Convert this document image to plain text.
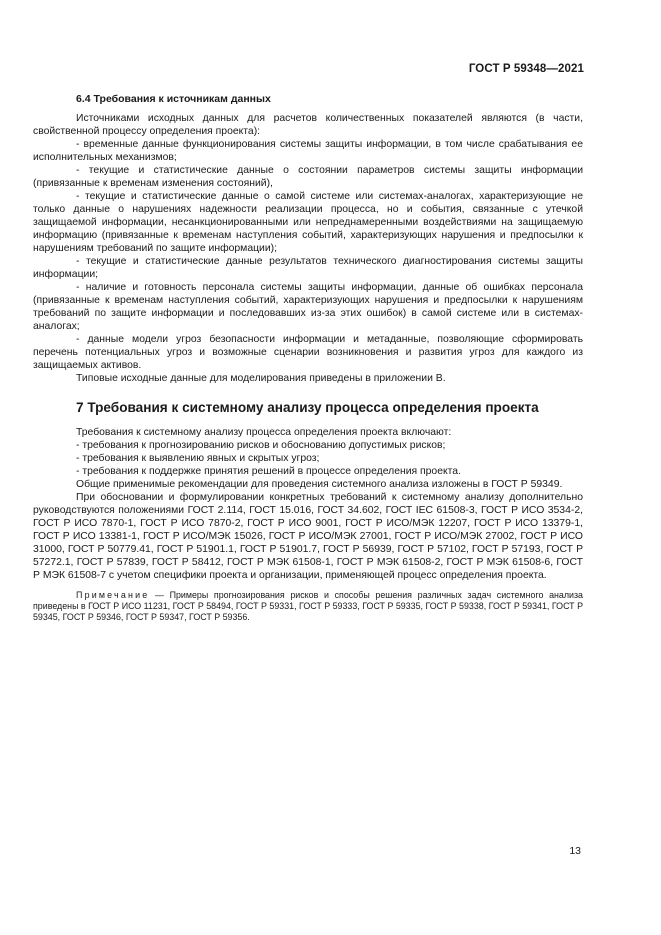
ГОСТ Р 59348—2021
6.4 Требования к источникам данных

Источниками исходных данных для расчетов количественных показателей являются (в части, свойственной процессу определения проекта):

- временные данные функционирования системы защиты информации, в том числе срабатывания ее исполнительных механизмов;

- текущие и статистические данные о состоянии параметров системы защиты информации (привязанные к временам изменения состояний),

- текущие и статистические данные о самой системе или системах-аналогах, характеризующие не только данные о нарушениях надежности реализации процесса, но и события, связанные с утечкой защищаемой информации, несанкционированными или непреднамеренными воздействиями на защищаемую информацию (привязанные к временам наступления событий, характеризующих нарушения и предпосылки к нарушениям требований по защите информации);

- текущие и статистические данные результатов технического диагностирования системы защиты информации;

- наличие и готовность персонала системы защиты информации, данные об ошибках персонала (привязанные к временам наступления событий, характеризующих нарушения и предпосылки к нарушениям требований по защите информации и последовавших из-за этих ошибок) в самой системе или в системах-аналогах;

- данные модели угроз безопасности информации и метаданные, позволяющие сформировать перечень потенциальных угроз и возможные сценарии возникновения и развития угроз для каждого из защищаемых активов.

Типовые исходные данные для моделирования приведены в приложении В.

7 Требования к системному анализу процесса определения проекта

Требования к системному анализу процесса определения проекта включают:

- требования к прогнозированию рисков и обоснованию допустимых рисков;

- требования к выявлению явных и скрытых угроз;

- требования к поддержке принятия решений в процессе определения проекта.

Общие применимые рекомендации для проведения системного анализа изложены в ГОСТ Р 59349.

При обосновании и формулировании конкретных требований к системному анализу дополнительно руководствуются положениями ГОСТ 2.114, ГОСТ 15.016, ГОСТ 34.602, ГОСТ IEC 61508-3, ГОСТ Р ИСО 3534-2, ГОСТ Р ИСО 7870-1, ГОСТ Р ИСО 7870-2, ГОСТ Р ИСО 9001, ГОСТ Р ИСО/МЭК 12207, ГОСТ Р ИСО 13379-1, ГОСТ Р ИСО 13381-1, ГОСТ Р ИСО/МЭК 15026, ГОСТ Р ИСО/МЭК 27001, ГОСТ Р ИСО/МЭК 27002, ГОСТ Р ИСО 31000, ГОСТ Р 50779.41, ГОСТ Р 51901.1, ГОСТ Р 51901.7, ГОСТ Р 56939, ГОСТ Р 57102, ГОСТ Р 57193, ГОСТ Р 57272.1, ГОСТ Р 57839, ГОСТ Р 58412, ГОСТ Р МЭК 61508-1, ГОСТ Р МЭК 61508-2, ГОСТ Р МЭК 61508-6, ГОСТ Р МЭК 61508-7 с учетом специфики проекта и организации, применяющей процесс определения проекта.

Примечание — Примеры прогнозирования рисков и способы решения различных задач системного анализа приведены в ГОСТ Р ИСО 11231, ГОСТ Р 58494, ГОСТ Р 59331, ГОСТ Р 59333, ГОСТ Р 59335, ГОСТ Р 59338, ГОСТ Р 59341, ГОСТ Р 59345, ГОСТ Р 59346, ГОСТ Р 59347, ГОСТ Р 59356.

13
